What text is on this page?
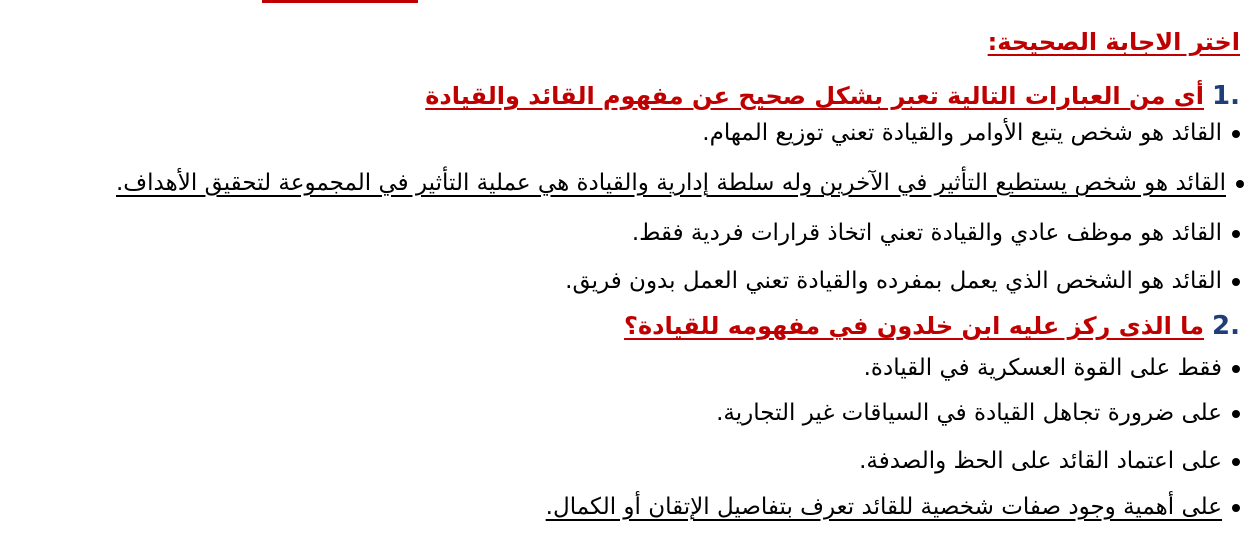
اختر الاجابة الصحيحة:
1.أى من العبارات التالية تعبر بشكل صحيح عن مفهوم القائد والقيادة
القائد هو شخص يتبع الأوامر والقيادة تعني توزيع المهام.
القائد هو شخص يستطيع التأثير في الآخرين وله سلطة إدارية والقيادة هي عملية التأثير في المجموعة لتحقيق الأهداف.
القائد هو موظف عادي والقيادة تعني اتخاذ قرارات فردية فقط.
القائد هو الشخص الذي يعمل بمفرده والقيادة تعني العمل بدون فريق.
2.ما الذى ركز عليه ابن خلدون في مفهومه للقيادة؟
فقط على القوة العسكرية في القيادة.
على ضرورة تجاهل القيادة في السياقات غير التجارية.
على اعتماد القائد على الحظ والصدفة.
على أهمية وجود صفات شخصية للقائد تعرف بتفاصيل الإتقان أو الكمال.
